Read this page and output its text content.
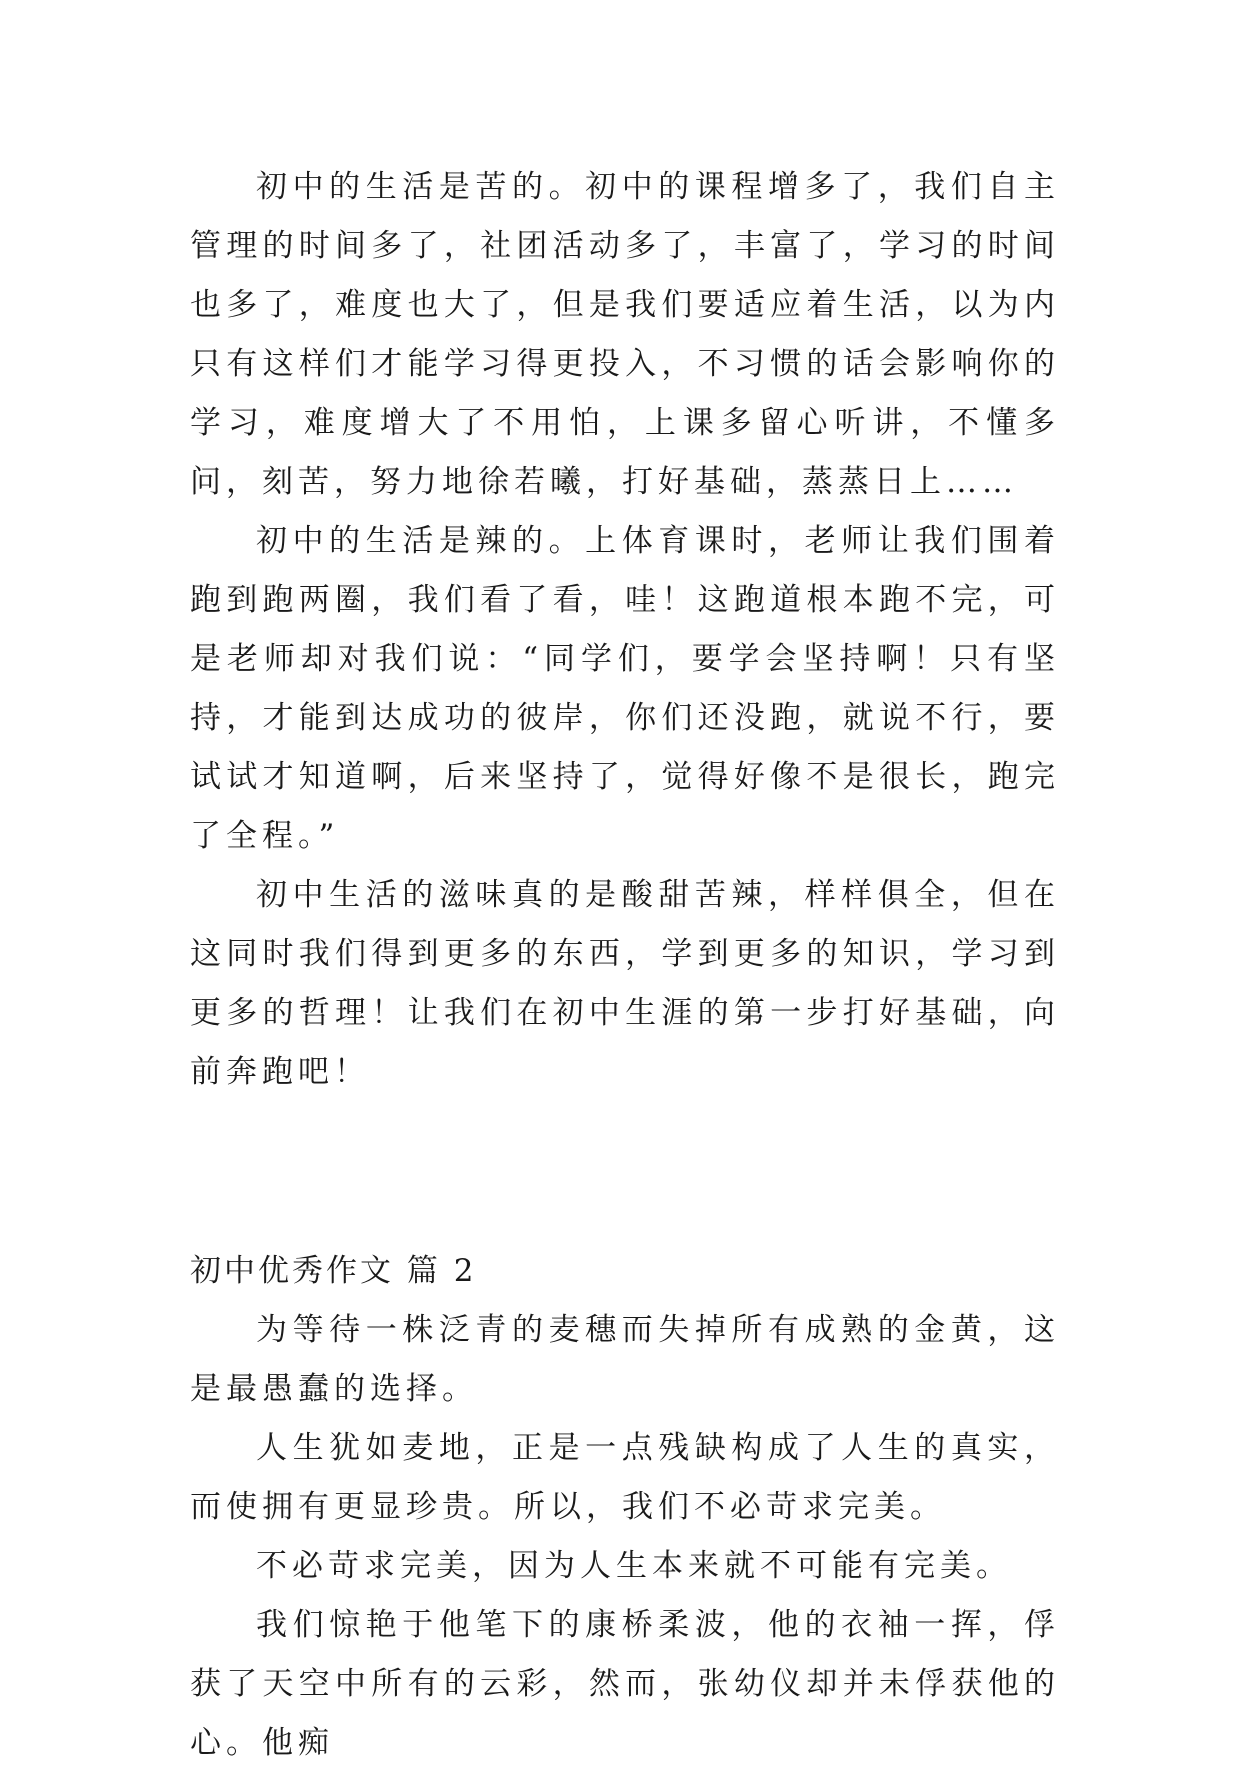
初中的生活是苦的。初中的课程增多了，我们自主管理的时间多了，社团活动多了，丰富了，学习的时间也多了，难度也大了，但是我们要适应着生活，以为内只有这样们才能学习得更投入，不习惯的话会影响你的学习，难度增大了不用怕，上课多留心听讲，不懂多问，刻苦，努力地徐若曦，打好基础，蒸蒸日上……

初中的生活是辣的。上体育课时，老师让我们围着跑到跑两圈，我们看了看，哇！这跑道根本跑不完，可是老师却对我们说：“同学们，要学会坚持啊！只有坚持，才能到达成功的彼岸，你们还没跑，就说不行，要试试才知道啊，后来坚持了，觉得好像不是很长，跑完了全程。”

初中生活的滋味真的是酸甜苦辣，样样俱全，但在这同时我们得到更多的东西，学到更多的知识，学习到更多的哲理！让我们在初中生涯的第一步打好基础，向前奔跑吧！

初中优秀作文 篇 2

为等待一株泛青的麦穗而失掉所有成熟的金黄，这是最愚蠢的选择。

人生犹如麦地，正是一点残缺构成了人生的真实，而使拥有更显珍贵。所以，我们不必苛求完美。

不必苛求完美，因为人生本来就不可能有完美。

我们惊艳于他笔下的康桥柔波，他的衣袖一挥，俘获了天空中所有的云彩，然而，张幼仪却并未俘获他的心。他痴
